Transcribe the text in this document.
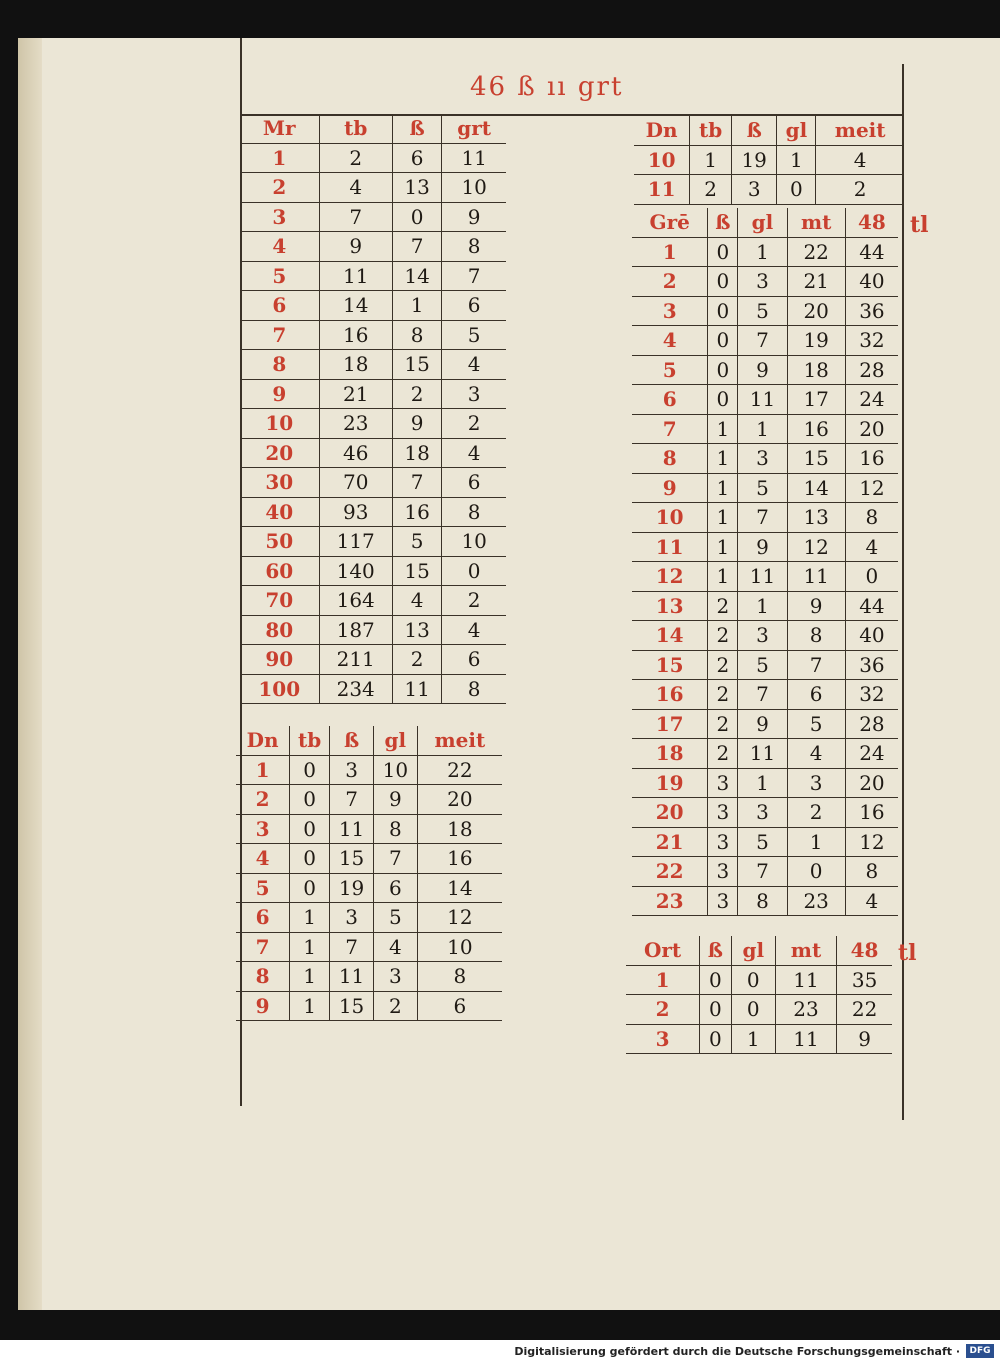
46 ß ıı grt
Mr	tb	ß	grt
1	2	6	11
2	4	13	10
3	7	0	9
4	9	7	8
5	11	14	7
6	14	1	6
7	16	8	5
8	18	15	4
9	21	2	3
10	23	9	2
20	46	18	4
30	70	7	6
40	93	16	8
50	117	5	10
60	140	15	0
70	164	4	2
80	187	13	4
90	211	2	6
100	234	11	8
Dn	tb	ß	gl	meit
1	0	3	10	22
2	0	7	9	20
3	0	11	8	18
4	0	15	7	16
5	0	19	6	14
6	1	3	5	12
7	1	7	4	10
8	1	11	3	8
9	1	15	2	6
Dn	tb	ß	gl	meit
10	1	19	1	4
11	2	3	0	2
Grē	ß	gl	mt	48
1	0	1	22	44
2	0	3	21	40
3	0	5	20	36
4	0	7	19	32
5	0	9	18	28
6	0	11	17	24
7	1	1	16	20
8	1	3	15	16
9	1	5	14	12
10	1	7	13	8
11	1	9	12	4
12	1	11	11	0
13	2	1	9	44
14	2	3	8	40
15	2	5	7	36
16	2	7	6	32
17	2	9	5	28
18	2	11	4	24
19	3	1	3	20
20	3	3	2	16
21	3	5	1	12
22	3	7	0	8
23	3	8	23	4
Ort	ß	gl	mt	48
1	0	0	11	35
2	0	0	23	22
3	0	1	11	9
tl
tl
Digitalisierung gefördert durch die Deutsche Forschungsgemeinschaft ·	DFG
